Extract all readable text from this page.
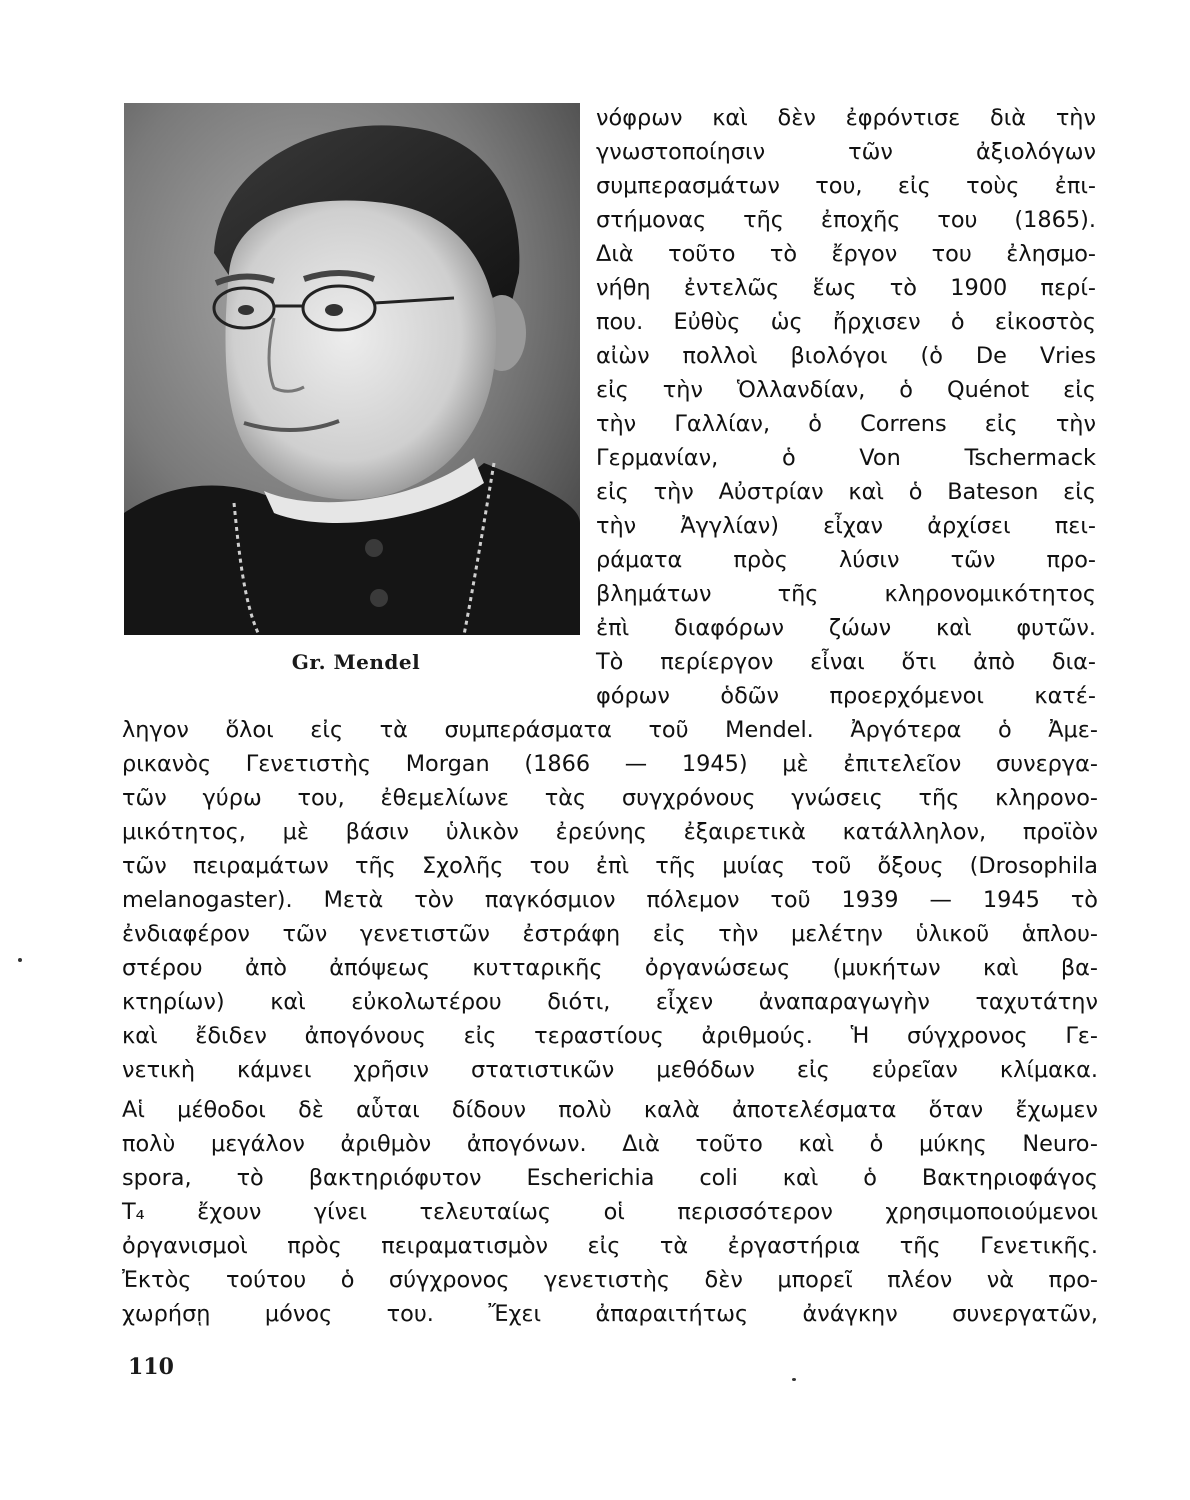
Gr. Mendel
νόφρων καὶ δὲν ἐφρόντισε διὰ τὴν
γνωστοποίησιν τῶν ἀξιολόγων
συμπερασμάτων του, εἰς τοὺς ἐπι-
στήμονας τῆς ἐποχῆς του (1865).
Διὰ τοῦτο τὸ ἔργον του ἐλησμο-
νήθη ἐντελῶς ἕως τὸ 1900 περί-
που. Εὐθὺς ὡς ἤρχισεν ὁ εἰκοστὸς
αἰὼν πολλοὶ βιολόγοι (ὁ De Vries
εἰς τὴν Ὁλλανδίαν, ὁ Quénot εἰς
τὴν Γαλλίαν, ὁ Correns εἰς τὴν
Γερμανίαν, ὁ Von Tschermack
εἰς τὴν Αὐστρίαν καὶ ὁ Bateson εἰς
τὴν Ἀγγλίαν) εἶχαν ἀρχίσει πει-
ράματα πρὸς λύσιν τῶν προ-
βλημάτων τῆς κληρονομικότητος
ἐπὶ διαφόρων ζώων καὶ φυτῶν.
Τὸ περίεργον εἶναι ὅτι ἀπὸ δια-
φόρων ὁδῶν προερχόμενοι κατέ-
ληγον ὅλοι εἰς τὰ συμπεράσματα τοῦ Mendel. Ἀργότερα ὁ Ἀμε-
ρικανὸς Γενετιστὴς Morgan (1866 — 1945) μὲ ἐπιτελεῖον συνεργα-
τῶν γύρω του, ἐθεμελίωνε τὰς συγχρόνους γνώσεις τῆς κληρονο-
μικότητος, μὲ βάσιν ὑλικὸν ἐρεύνης ἐξαιρετικὰ κατάλληλον, προϊὸν
τῶν πειραμάτων τῆς Σχολῆς του ἐπὶ τῆς μυίας τοῦ ὄξους (Drosophila
melanogaster). Μετὰ τὸν παγκόσμιον πόλεμον τοῦ 1939 — 1945 τὸ
ἐνδιαφέρον τῶν γενετιστῶν ἐστράφη εἰς τὴν μελέτην ὑλικοῦ ἁπλου-
στέρου ἀπὸ ἀπόψεως κυτταρικῆς ὀργανώσεως (μυκήτων καὶ βα-
κτηρίων) καὶ εὐκολωτέρου διότι, εἶχεν ἀναπαραγωγὴν ταχυτάτην
καὶ ἔδιδεν ἀπογόνους εἰς τεραστίους ἀριθμούς. Ἡ σύγχρονος Γε-
νετικὴ κάμνει χρῆσιν στατιστικῶν μεθόδων εἰς εὐρεῖαν κλίμακα.
Αἱ μέθοδοι δὲ αὗται δίδουν πολὺ καλὰ ἀποτελέσματα ὅταν ἔχωμεν
πολὺ μεγάλον ἀριθμὸν ἀπογόνων. Διὰ τοῦτο καὶ ὁ μύκης Neuro-
spora, τὸ βακτηριόφυτον Escherichia coli καὶ ὁ Βακτηριοφάγος
T₄ ἔχουν γίνει τελευταίως οἱ περισσότερον χρησιμοποιούμενοι
ὀργανισμοὶ πρὸς πειραματισμὸν εἰς τὰ ἐργαστήρια τῆς Γενετικῆς.
Ἐκτὸς τούτου ὁ σύγχρονος γενετιστὴς δὲν μπορεῖ πλέον νὰ προ-
χωρήσῃ μόνος του. Ἔχει ἀπαραιτήτως ἀνάγκην συνεργατῶν,
110
